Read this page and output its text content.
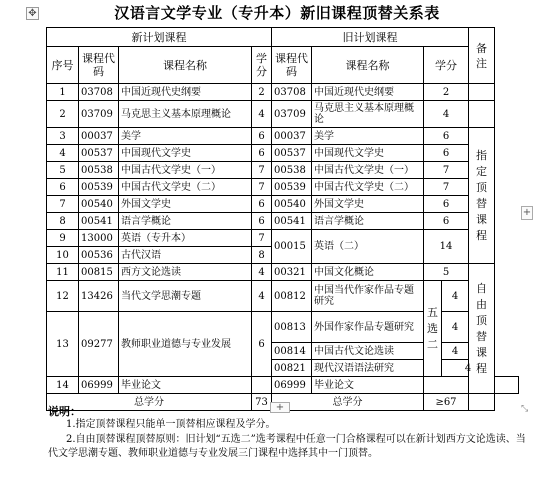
汉语言文学专业（专升本）新旧课程顶替关系表
✥
新计划课程				旧计划课程				备注	
序号	课程代码	课程名称	学分	课程代码	课程名称	学分			
1	03708	中国近现代史纲要	2	03708	中国近现代史纲要	2			
2	03709	马克思主义基本原理概论	4	03709	马克思主义基本原理概论	4			
3	00037	美学	6	00037	美学	6		指定顶替课程	
4	00537	中国现代文学史	6	00537	中国现代文学史	6			
5	00538	中国古代文学史（一）	7	00538	中国古代文学史（一）	7			
6	00539	中国古代文学史（二）	7	00539	中国古代文学史（二）	7			
7	00540	外国文学史	6	00540	外国文学史	6			
8	00541	语言学概论	6	00541	语言学概论	6			
9	13000	英语（专升本）	7	00015	英语（二）	14			
10	00536	古代汉语	8						
11	00815	西方文论选读	4	00321	中国文化概论	5		自由顶替课程	
12	13426	当代文学思潮专题	4	00812	中国当代作家作品专题研究	五选二	4		
13	09277	教师职业道德与专业发展	6	00813	外国作家作品专题研究		4		
				00814	中国古代文论选读		4		
				00821	现代汉语语法研究		4		
14	06999	毕业论文		06999	毕业论文				
总学分			73	总学分		≥67			
+
+	⤡
说明：
1.指定顶替课程只能单一顶替相应课程及学分。
2.自由顶替课程顶替原则：旧计划“五选二”选考课程中任意一门合格课程可以在新计划西方文论选读、当代文学思潮专题、教师职业道德与专业发展三门课程中选择其中一门顶替。
